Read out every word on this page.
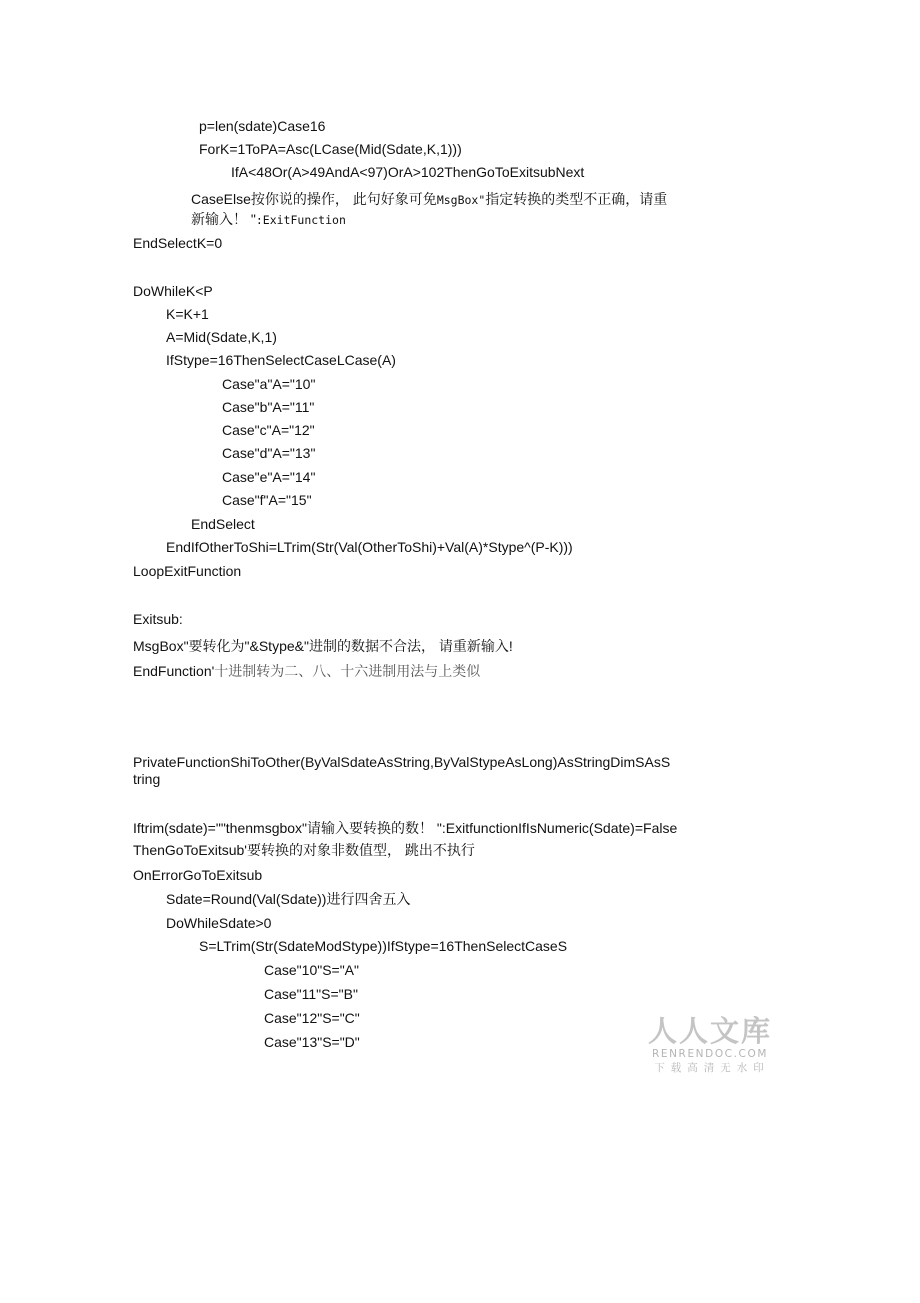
p=len(sdate)Case16
ForK=1ToPA=Asc(LCase(Mid(Sdate,K,1)))
IfA<48Or(A>49AndA<97)OrA>102ThenGoToExitsubNext
CaseElse按你说的操作， 此句好象可免MsgBox"指定转换的类型不正确，请重
新输入！ ":ExitFunction
EndSelectK=0
DoWhileK<P
K=K+1
A=Mid(Sdate,K,1)
IfStype=16ThenSelectCaseLCase(A)
Case"a"A="10"
Case"b"A="11"
Case"c"A="12"
Case"d"A="13"
Case"e"A="14"
Case"f"A="15"
EndSelect
EndIfOtherToShi=LTrim(Str(Val(OtherToShi)+Val(A)*Stype^(P-K)))
LoopExitFunction
Exitsub:
MsgBox"要转化为"&Stype&"进制的数据不合法， 请重新输入!
EndFunction'十进制转为二、八、十六进制用法与上类似
PrivateFunctionShiToOther(ByValSdateAsString,ByValStypeAsLong)AsStringDimSAsS
tring
Iftrim(sdate)=""thenmsgbox"请输入要转换的数！ ":ExitfunctionIfIsNumeric(Sdate)=False
ThenGoToExitsub'要转换的对象非数值型， 跳出不执行
OnErrorGoToExitsub
Sdate=Round(Val(Sdate))进行四舍五入
DoWhileSdate>0
S=LTrim(Str(SdateModStype))IfStype=16ThenSelectCaseS
Case"10"S="A"
Case"11"S="B"
Case"12"S="C"
Case"13"S="D"	人人文库
RENRENDOC.COM
下载高清无水印
